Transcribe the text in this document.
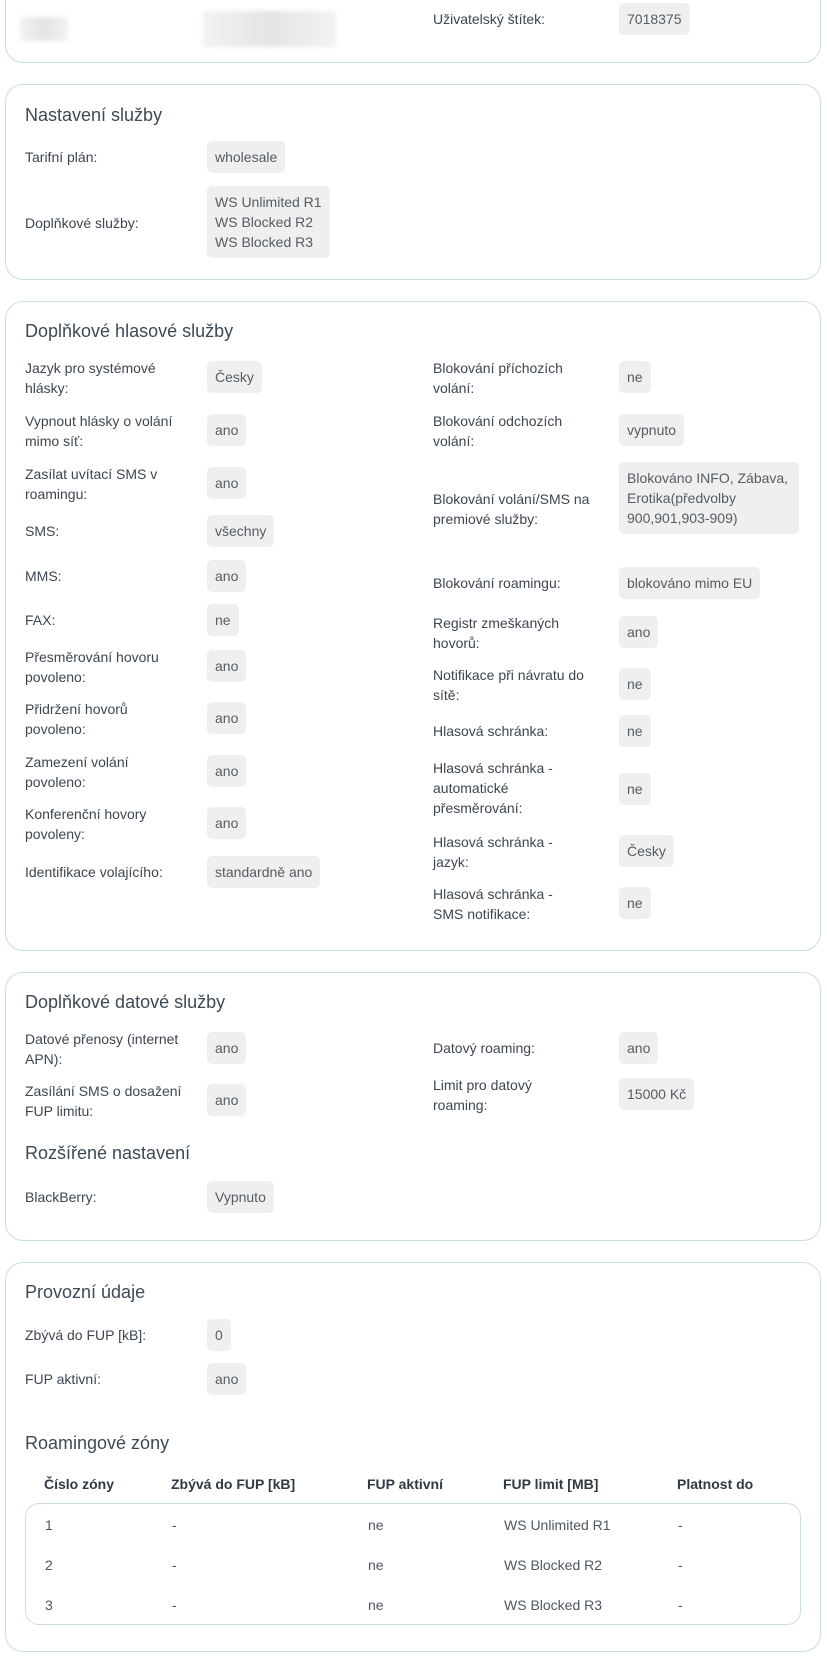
Uživatelský štítek:	7018375
Nastavení služby
Tarifní plán:	wholesale
Doplňkové služby:
WS Unlimited R1
WS Blocked R2
WS Blocked R3
Doplňkové hlasové služby
Jazyk pro systémové hlásky:
Česky
Vypnout hlásky o volání mimo síť:
ano
Zasílat uvítací SMS v roamingu:
ano
SMS:	všechny
MMS:	ano
FAX:	ne
Přesměrování hovoru povoleno:
ano
Přidržení hovorů povoleno:
ano
Zamezení volání povoleno:
ano
Konferenční hovory povoleny:
ano
Identifikace volajícího:	standardně ano
Blokování příchozích volání:
ne
Blokování odchozích volání:
vypnuto
Blokování volání/SMS na premiové služby:
Blokováno INFO, Zábava, Erotika(předvolby 900,901,903-909)
Blokování roamingu:	blokováno mimo EU
Registr zmeškaných hovorů:
ano
Notifikace při návratu do sítě:
ne
Hlasová schránka:	ne
Hlasová schránka - automatické přesměrování:
ne
Hlasová schránka - jazyk:
Česky
Hlasová schránka - SMS notifikace:
ne
Doplňkové datové služby
Datové přenosy (internet APN):
ano
Zasílání SMS o dosažení FUP limitu:
ano
Datový roaming:	ano
Limit pro datový roaming:
15000 Kč
Rozšířené nastavení
BlackBerry:	Vypnuto
Provozní údaje
Zbývá do FUP [kB]:	0
FUP aktivní:	ano
Roamingové zóny
Číslo zóny	Zbývá do FUP [kB]	FUP aktivní	FUP limit [MB]	Platnost do
1	-	ne	WS Unlimited R1	-
2	-	ne	WS Blocked R2	-
3	-	ne	WS Blocked R3	-
